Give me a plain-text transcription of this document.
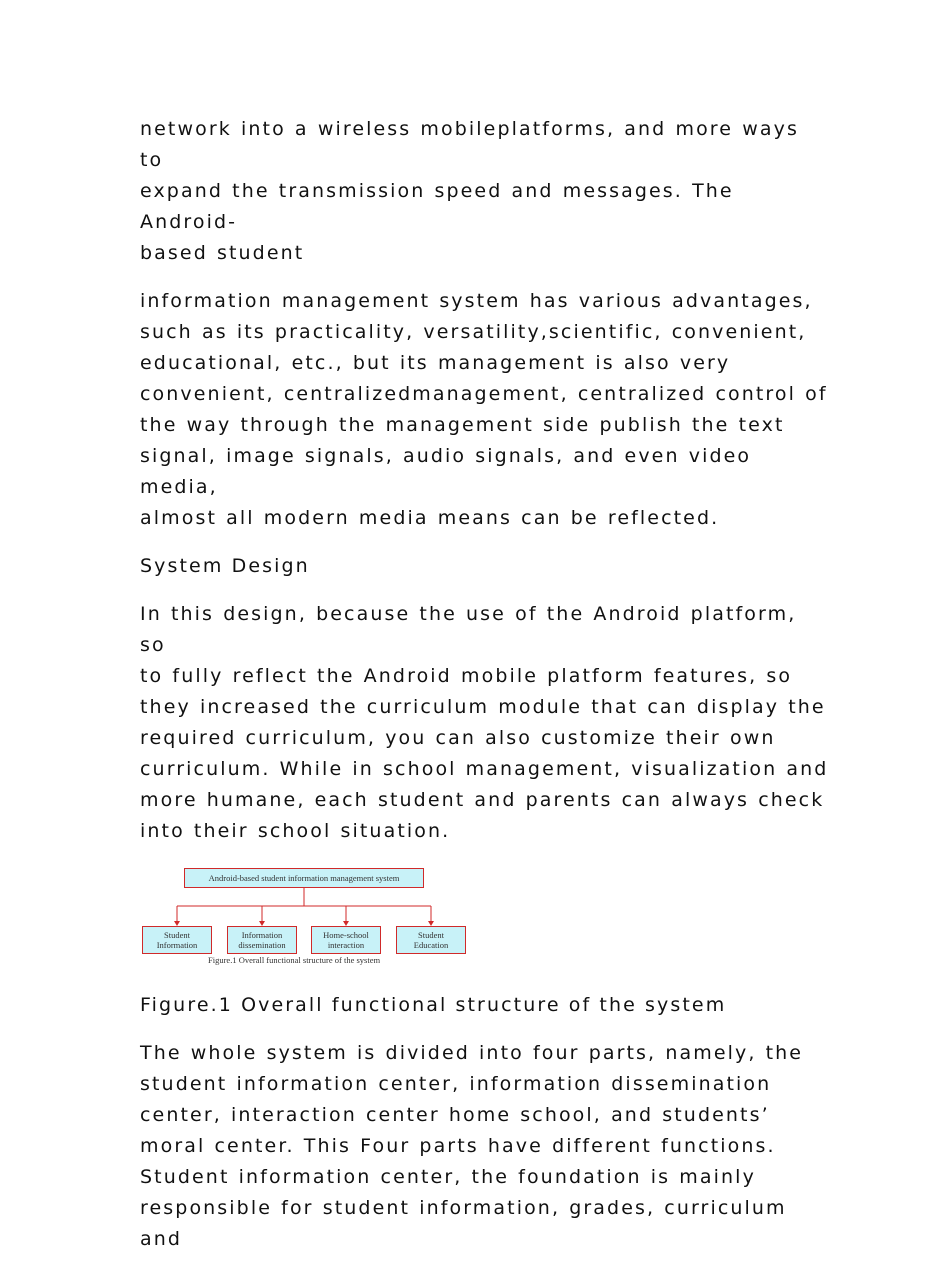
network into a wireless mobileplatforms, and more ways to
expand the transmission speed and messages. The Android-
based student

information management system has various advantages,
such as its practicality, versatility,scientific, convenient,
educational, etc., but its management is also very
convenient, centralizedmanagement, centralized control of
the way through the management side publish the text
signal, image signals, audio signals, and even video media,
almost all modern media means can be reflected.

System Design

In this design, because the use of the Android platform, so
to fully reflect the Android mobile platform features, so
they increased the curriculum module that can display the
required curriculum, you can also customize their own
curriculum. While in school management, visualization and
more humane, each student and parents can always check
into their school situation.

Android-based student information management system
Student
Information
Information
dissemination
Home-school
interaction
Student
Education
Figure.1 Overall functional structure of the system

Figure.1 Overall functional structure of the system

The whole system is divided into four parts, namely, the
student information center, information dissemination
center, interaction center home school, and students’
moral center. This Four parts have different functions.
Student information center, the foundation is mainly
responsible for student information, grades, curriculum and
